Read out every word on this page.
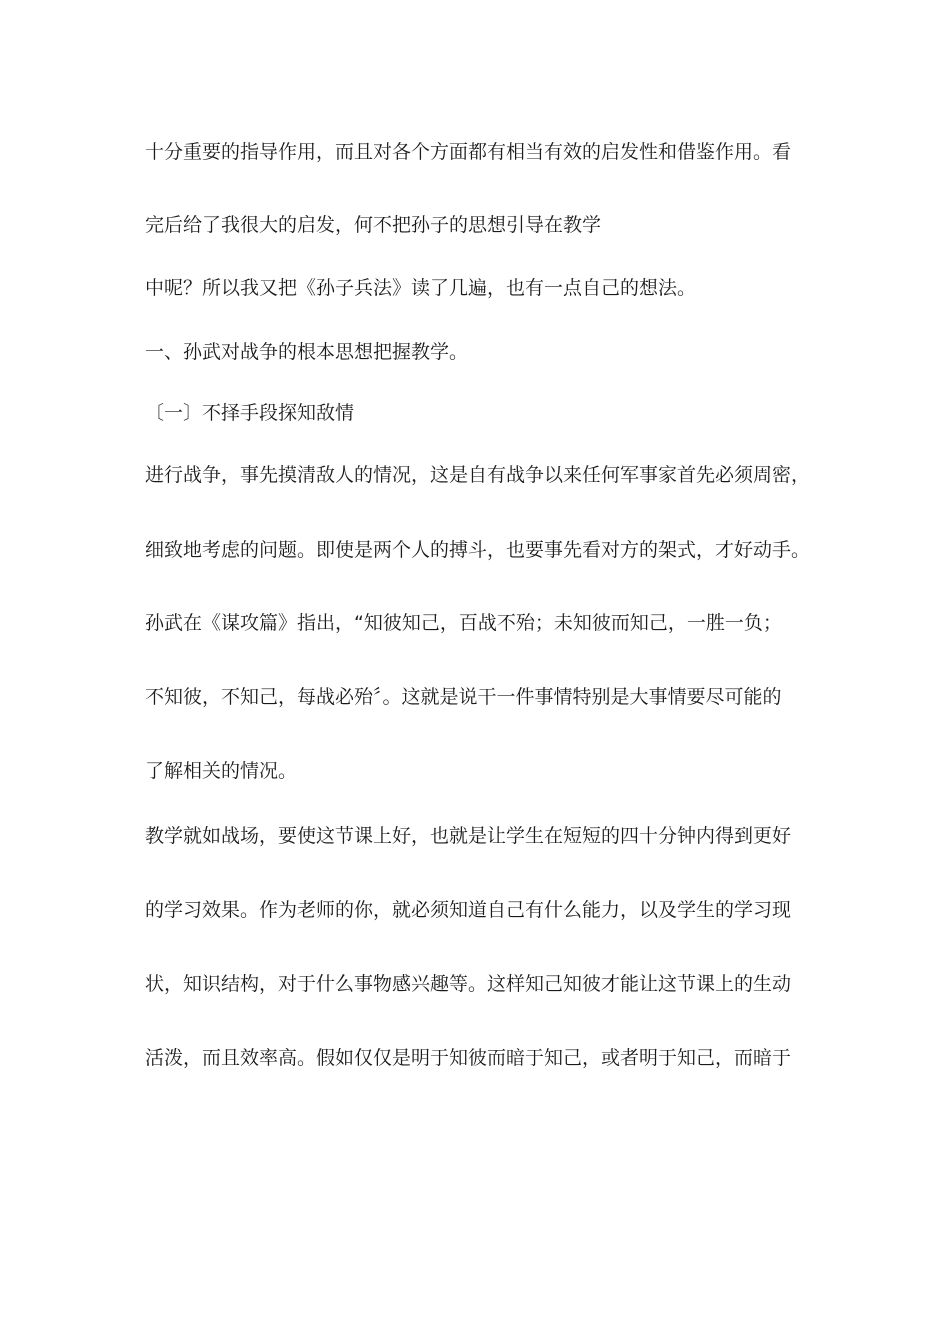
十分重要的指导作用，而且对各个方面都有相当有效的启发性和借鉴作用。看
完后给了我很大的启发，何不把孙子的思想引导在教学
中呢？所以我又把《孙子兵法》读了几遍，也有一点自己的想法。
一、孙武对战争的根本思想把握教学。
〔一〕不择手段探知敌情
进行战争，事先摸清敌人的情况，这是自有战争以来任何军事家首先必须周密，
细致地考虑的问题。即使是两个人的搏斗，也要事先看对方的架式，才好动手。
孙武在《谋攻篇》指出，“知彼知己，百战不殆；未知彼而知己，一胜一负；
不知彼，不知己，每战必殆〞。这就是说干一件事情特别是大事情要尽可能的
了解相关的情况。
教学就如战场，要使这节课上好，也就是让学生在短短的四十分钟内得到更好
的学习效果。作为老师的你，就必须知道自己有什么能力，以及学生的学习现
状，知识结构，对于什么事物感兴趣等。这样知己知彼才能让这节课上的生动
活泼，而且效率高。假如仅仅是明于知彼而暗于知己，或者明于知己，而暗于
